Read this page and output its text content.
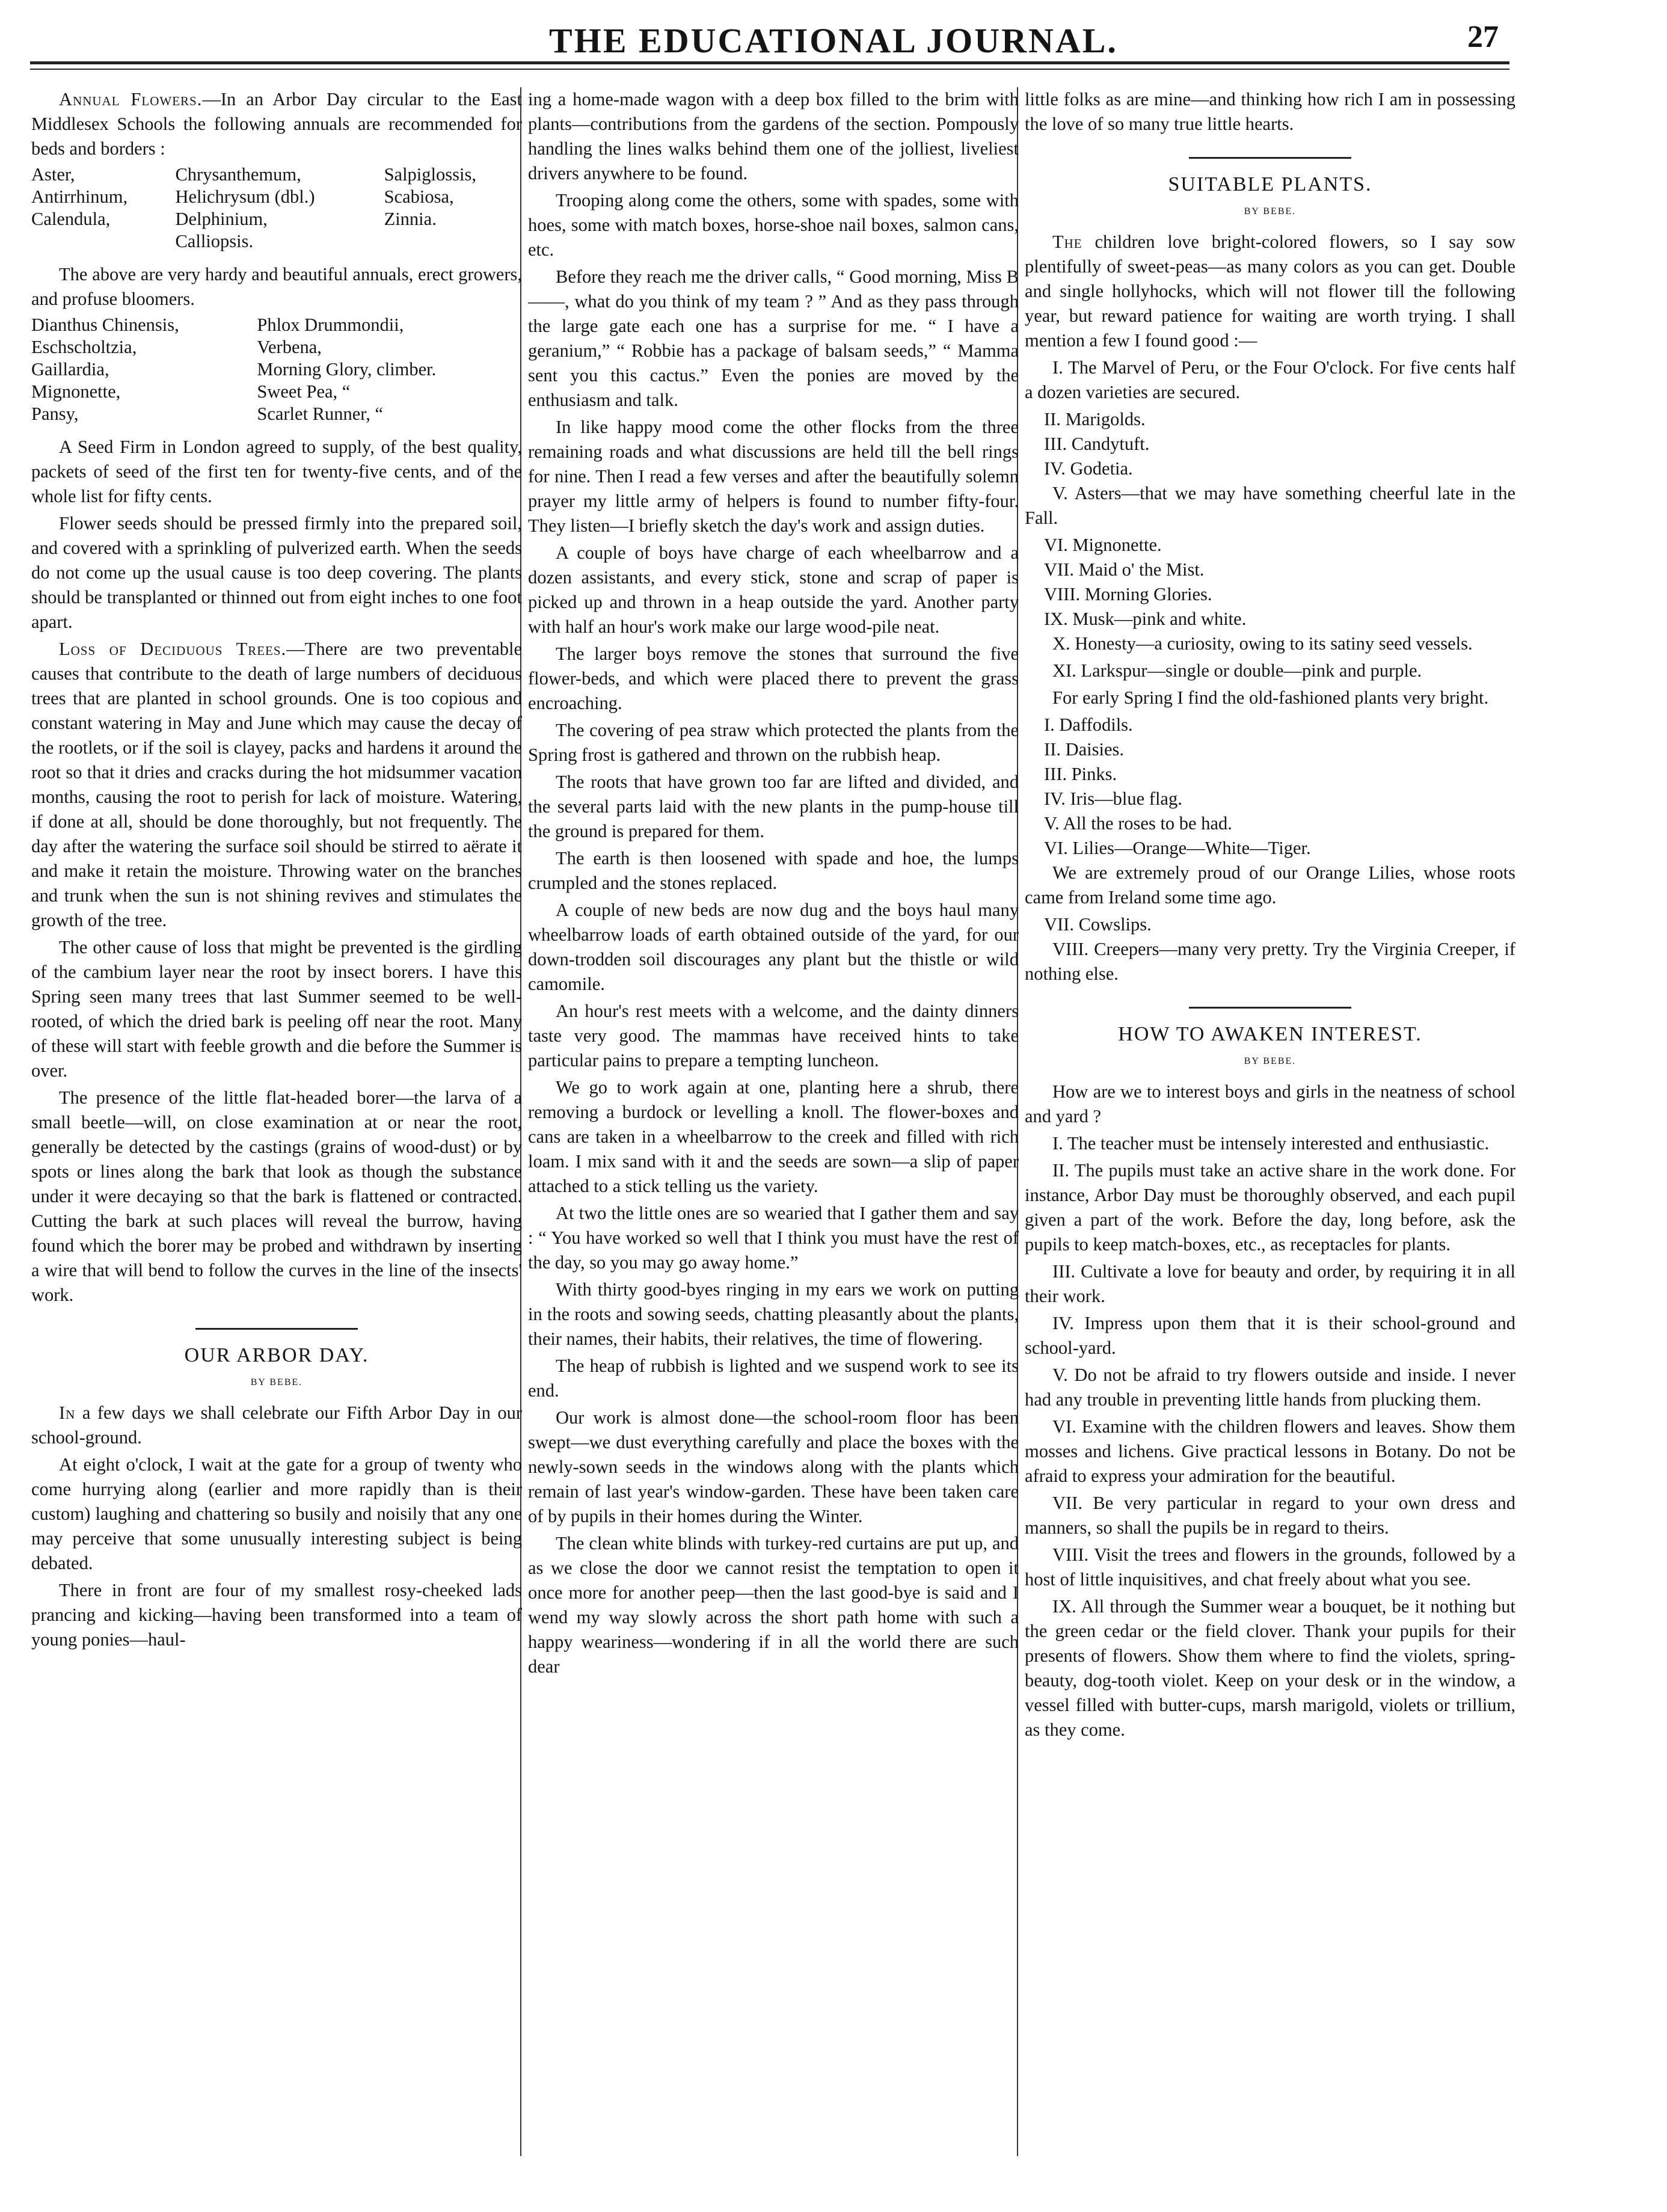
THE EDUCATIONAL JOURNAL.	27

Annual Flowers.—In an Arbor Day circular to the East Middlesex Schools the following annuals are recommended for beds and borders :

Aster,	Chrysanthemum,	Salpiglossis,
Antirrhinum,	Helichrysum (dbl.)	Scabiosa,
Calendula,	Delphinium,	Zinnia.
	Calliopsis.	

The above are very hardy and beautiful annuals, erect growers, and profuse bloomers.

Dianthus Chinensis,	Phlox Drummondii,
Eschscholtzia,	Verbena,
Gaillardia,	Morning Glory, climber.
Mignonette,	Sweet Pea, “
Pansy,	Scarlet Runner, “

A Seed Firm in London agreed to supply, of the best quality, packets of seed of the first ten for twenty-five cents, and of the whole list for fifty cents.

Flower seeds should be pressed firmly into the prepared soil, and covered with a sprinkling of pulverized earth. When the seeds do not come up the usual cause is too deep covering. The plants should be transplanted or thinned out from eight inches to one foot apart.

Loss of Deciduous Trees.—There are two preventable causes that contribute to the death of large numbers of deciduous trees that are planted in school grounds. One is too copious and constant watering in May and June which may cause the decay of the rootlets, or if the soil is clayey, packs and hardens it around the root so that it dries and cracks during the hot midsummer vacation months, causing the root to perish for lack of moisture. Watering, if done at all, should be done thoroughly, but not frequently. The day after the watering the surface soil should be stirred to aërate it and make it retain the moisture. Throwing water on the branches and trunk when the sun is not shining revives and stimulates the growth of the tree.

The other cause of loss that might be prevented is the girdling of the cambium layer near the root by insect borers. I have this Spring seen many trees that last Summer seemed to be well-rooted, of which the dried bark is peeling off near the root. Many of these will start with feeble growth and die before the Summer is over.

The presence of the little flat-headed borer—the larva of a small beetle—will, on close examination at or near the root, generally be detected by the castings (grains of wood-dust) or by spots or lines along the bark that look as though the substance under it were decaying so that the bark is flattened or contracted. Cutting the bark at such places will reveal the burrow, having found which the borer may be probed and withdrawn by inserting a wire that will bend to follow the curves in the line of the insects' work.

OUR ARBOR DAY.
BY BEBE.

In a few days we shall celebrate our Fifth Arbor Day in our school-ground.

At eight o'clock, I wait at the gate for a group of twenty who come hurrying along (earlier and more rapidly than is their custom) laughing and chattering so busily and noisily that any one may perceive that some unusually interesting subject is being debated.

There in front are four of my smallest rosy-cheeked lads prancing and kicking—having been transformed into a team of young ponies—haul-

ing a home-made wagon with a deep box filled to the brim with plants—contributions from the gardens of the section. Pompously handling the lines walks behind them one of the jolliest, liveliest drivers anywhere to be found.

Trooping along come the others, some with spades, some with hoes, some with match boxes, horse-shoe nail boxes, salmon cans, etc.

Before they reach me the driver calls, “ Good morning, Miss B——, what do you think of my team ? ” And as they pass through the large gate each one has a surprise for me. “ I have a geranium,” “ Robbie has a package of balsam seeds,” “ Mamma sent you this cactus.” Even the ponies are moved by the enthusiasm and talk.

In like happy mood come the other flocks from the three remaining roads and what discussions are held till the bell rings for nine. Then I read a few verses and after the beautifully solemn prayer my little army of helpers is found to number fifty-four. They listen—I briefly sketch the day's work and assign duties.

A couple of boys have charge of each wheelbarrow and a dozen assistants, and every stick, stone and scrap of paper is picked up and thrown in a heap outside the yard. Another party with half an hour's work make our large wood-pile neat.

The larger boys remove the stones that surround the five flower-beds, and which were placed there to prevent the grass encroaching.

The covering of pea straw which protected the plants from the Spring frost is gathered and thrown on the rubbish heap.

The roots that have grown too far are lifted and divided, and the several parts laid with the new plants in the pump-house till the ground is prepared for them.

The earth is then loosened with spade and hoe, the lumps crumpled and the stones replaced.

A couple of new beds are now dug and the boys haul many wheelbarrow loads of earth obtained outside of the yard, for our down-trodden soil discourages any plant but the thistle or wild camomile.

An hour's rest meets with a welcome, and the dainty dinners taste very good. The mammas have received hints to take particular pains to prepare a tempting luncheon.

We go to work again at one, planting here a shrub, there removing a burdock or levelling a knoll. The flower-boxes and cans are taken in a wheelbarrow to the creek and filled with rich loam. I mix sand with it and the seeds are sown—a slip of paper attached to a stick telling us the variety.

At two the little ones are so wearied that I gather them and say : “ You have worked so well that I think you must have the rest of the day, so you may go away home.”

With thirty good-byes ringing in my ears we work on putting in the roots and sowing seeds, chatting pleasantly about the plants, their names, their habits, their relatives, the time of flowering.

The heap of rubbish is lighted and we suspend work to see its end.

Our work is almost done—the school-room floor has been swept—we dust everything carefully and place the boxes with the newly-sown seeds in the windows along with the plants which remain of last year's window-garden. These have been taken care of by pupils in their homes during the Winter.

The clean white blinds with turkey-red curtains are put up, and as we close the door we cannot resist the temptation to open it once more for another peep—then the last good-bye is said and I wend my way slowly across the short path home with such a happy weariness—wondering if in all the world there are such dear

little folks as are mine—and thinking how rich I am in possessing the love of so many true little hearts.

SUITABLE PLANTS.
BY BEBE.

The children love bright-colored flowers, so I say sow plentifully of sweet-peas—as many colors as you can get. Double and single hollyhocks, which will not flower till the following year, but reward patience for waiting are worth trying. I shall mention a few I found good :—

I. The Marvel of Peru, or the Four O'clock. For five cents half a dozen varieties are secured.

II. Marigolds.

III. Candytuft.

IV. Godetia.

V. Asters—that we may have something cheerful late in the Fall.

VI. Mignonette.

VII. Maid o' the Mist.

VIII. Morning Glories.

IX. Musk—pink and white.

X. Honesty—a curiosity, owing to its satiny seed vessels.

XI. Larkspur—single or double—pink and purple.

For early Spring I find the old-fashioned plants very bright.

I. Daffodils.

II. Daisies.

III. Pinks.

IV. Iris—blue flag.

V. All the roses to be had.

VI. Lilies—Orange—White—Tiger.

We are extremely proud of our Orange Lilies, whose roots came from Ireland some time ago.

VII. Cowslips.

VIII. Creepers—many very pretty. Try the Virginia Creeper, if nothing else.

HOW TO AWAKEN INTEREST.
BY BEBE.

How are we to interest boys and girls in the neatness of school and yard ?

I. The teacher must be intensely interested and enthusiastic.

II. The pupils must take an active share in the work done. For instance, Arbor Day must be thoroughly observed, and each pupil given a part of the work. Before the day, long before, ask the pupils to keep match-boxes, etc., as receptacles for plants.

III. Cultivate a love for beauty and order, by requiring it in all their work.

IV. Impress upon them that it is their school-ground and school-yard.

V. Do not be afraid to try flowers outside and inside. I never had any trouble in preventing little hands from plucking them.

VI. Examine with the children flowers and leaves. Show them mosses and lichens. Give practical lessons in Botany. Do not be afraid to express your admiration for the beautiful.

VII. Be very particular in regard to your own dress and manners, so shall the pupils be in regard to theirs.

VIII. Visit the trees and flowers in the grounds, followed by a host of little inquisitives, and chat freely about what you see.

IX. All through the Summer wear a bouquet, be it nothing but the green cedar or the field clover. Thank your pupils for their presents of flowers. Show them where to find the violets, spring-beauty, dog-tooth violet. Keep on your desk or in the window, a vessel filled with butter-cups, marsh marigold, violets or trillium, as they come.
